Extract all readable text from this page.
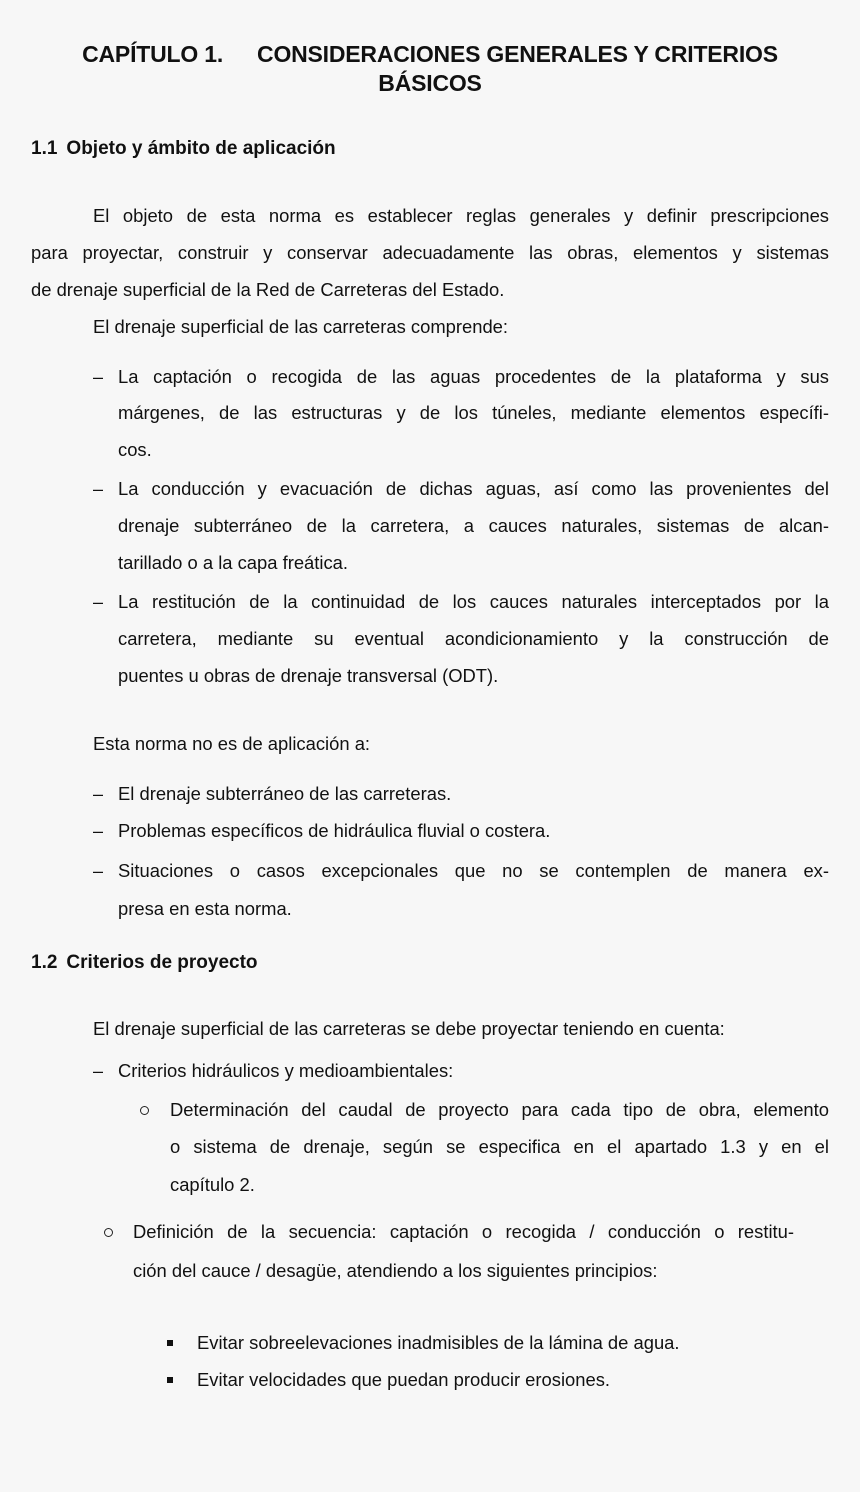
CAPÍTULO 1. CONSIDERACIONES GENERALES Y CRITERIOS
BÁSICOS
1.1 Objeto y ámbito de aplicación
El objeto de esta norma es establecer reglas generales y definir prescripciones
para proyectar, construir y conservar adecuadamente las obras, elementos y sistemas
de drenaje superficial de la Red de Carreteras del Estado.
El drenaje superficial de las carreteras comprende:
– La captación o recogida de las aguas procedentes de la plataforma y sus
márgenes, de las estructuras y de los túneles, mediante elementos específi-
cos.
– La conducción y evacuación de dichas aguas, así como las provenientes del
drenaje subterráneo de la carretera, a cauces naturales, sistemas de alcan-
tarillado o a la capa freática.
– La restitución de la continuidad de los cauces naturales interceptados por la
carretera, mediante su eventual acondicionamiento y la construcción de
puentes u obras de drenaje transversal (ODT).
Esta norma no es de aplicación a:
– El drenaje subterráneo de las carreteras.
– Problemas específicos de hidráulica fluvial o costera.
– Situaciones o casos excepcionales que no se contemplen de manera ex-
presa en esta norma.
1.2 Criterios de proyecto
El drenaje superficial de las carreteras se debe proyectar teniendo en cuenta:
– Criterios hidráulicos y medioambientales:
Determinación del caudal de proyecto para cada tipo de obra, elemento
o sistema de drenaje, según se especifica en el apartado 1.3 y en el
capítulo 2.
Definición de la secuencia: captación o recogida / conducción o restitu-
ción del cauce / desagüe, atendiendo a los siguientes principios:
Evitar sobreelevaciones inadmisibles de la lámina de agua.
Evitar velocidades que puedan producir erosiones.
